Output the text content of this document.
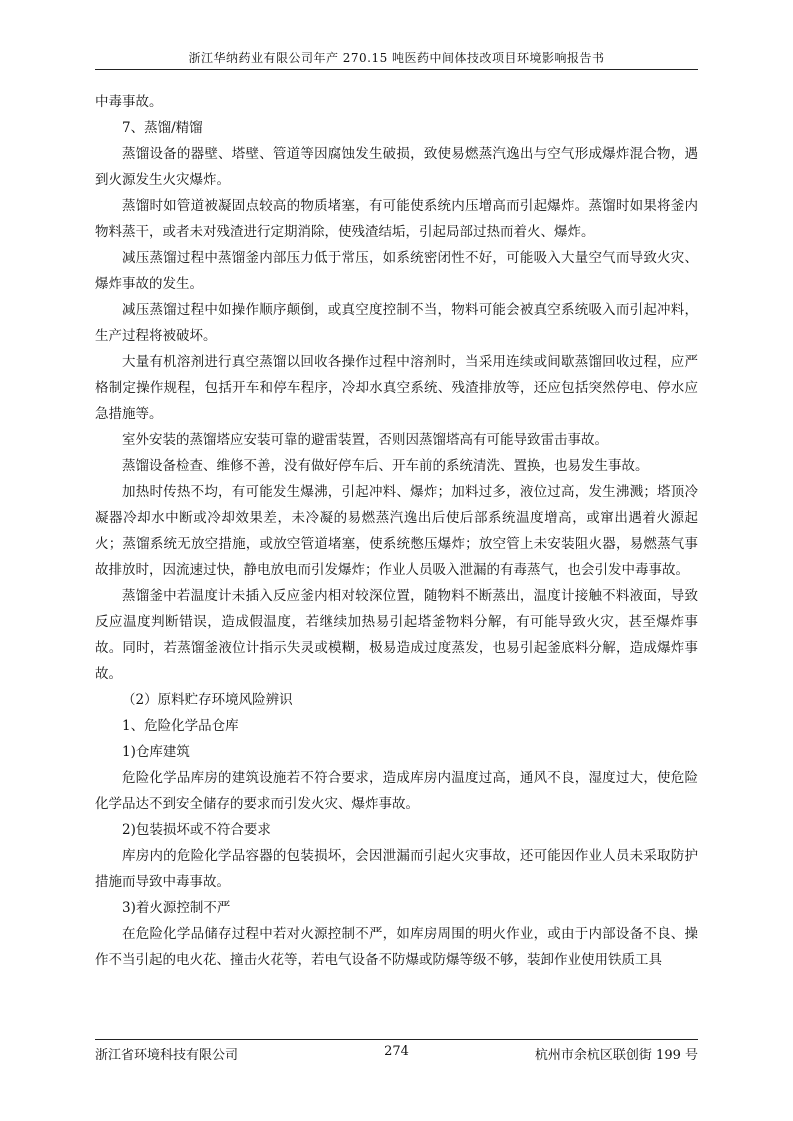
浙江华纳药业有限公司年产 270.15 吨医药中间体技改项目环境影响报告书

中毒事故。

7、蒸馏/精馏

蒸馏设备的器壁、塔壁、管道等因腐蚀发生破损，致使易燃蒸汽逸出与空气形成爆炸混合物，遇到火源发生火灾爆炸。

蒸馏时如管道被凝固点较高的物质堵塞，有可能使系统内压增高而引起爆炸。蒸馏时如果将釜内物料蒸干，或者未对残渣进行定期消除，使残渣结垢，引起局部过热而着火、爆炸。

减压蒸馏过程中蒸馏釜内部压力低于常压，如系统密闭性不好，可能吸入大量空气而导致火灾、爆炸事故的发生。

减压蒸馏过程中如操作顺序颠倒，或真空度控制不当，物料可能会被真空系统吸入而引起冲料，生产过程将被破坏。

大量有机溶剂进行真空蒸馏以回收各操作过程中溶剂时，当采用连续或间歇蒸馏回收过程，应严格制定操作规程，包括开车和停车程序，冷却水真空系统、残渣排放等，还应包括突然停电、停水应急措施等。

室外安装的蒸馏塔应安装可靠的避雷装置，否则因蒸馏塔高有可能导致雷击事故。

蒸馏设备检查、维修不善，没有做好停车后、开车前的系统清洗、置换，也易发生事故。

加热时传热不均，有可能发生爆沸，引起冲料、爆炸；加料过多，液位过高，发生沸溅；塔顶冷凝器冷却水中断或冷却效果差，未冷凝的易燃蒸汽逸出后使后部系统温度增高，或窜出遇着火源起火；蒸馏系统无放空措施，或放空管道堵塞，使系统憋压爆炸；放空管上未安装阻火器，易燃蒸气事故排放时，因流速过快，静电放电而引发爆炸；作业人员吸入泄漏的有毒蒸气，也会引发中毒事故。

蒸馏釜中若温度计未插入反应釜内相对较深位置，随物料不断蒸出，温度计接触不料液面，导致反应温度判断错误，造成假温度，若继续加热易引起塔釜物料分解，有可能导致火灾，甚至爆炸事故。同时，若蒸馏釜液位计指示失灵或模糊，极易造成过度蒸发，也易引起釜底料分解，造成爆炸事故。

（2）原料贮存环境风险辨识

1、危险化学品仓库

1)仓库建筑

危险化学品库房的建筑设施若不符合要求，造成库房内温度过高，通风不良，湿度过大，使危险化学品达不到安全储存的要求而引发火灾、爆炸事故。

2)包装损坏或不符合要求

库房内的危险化学品容器的包装损坏，会因泄漏而引起火灾事故，还可能因作业人员未采取防护措施而导致中毒事故。

3)着火源控制不严

在危险化学品储存过程中若对火源控制不严，如库房周围的明火作业，或由于内部设备不良、操作不当引起的电火花、撞击火花等，若电气设备不防爆或防爆等级不够，装卸作业使用铁质工具

浙江省环境科技有限公司	274	杭州市余杭区联创街 199 号
